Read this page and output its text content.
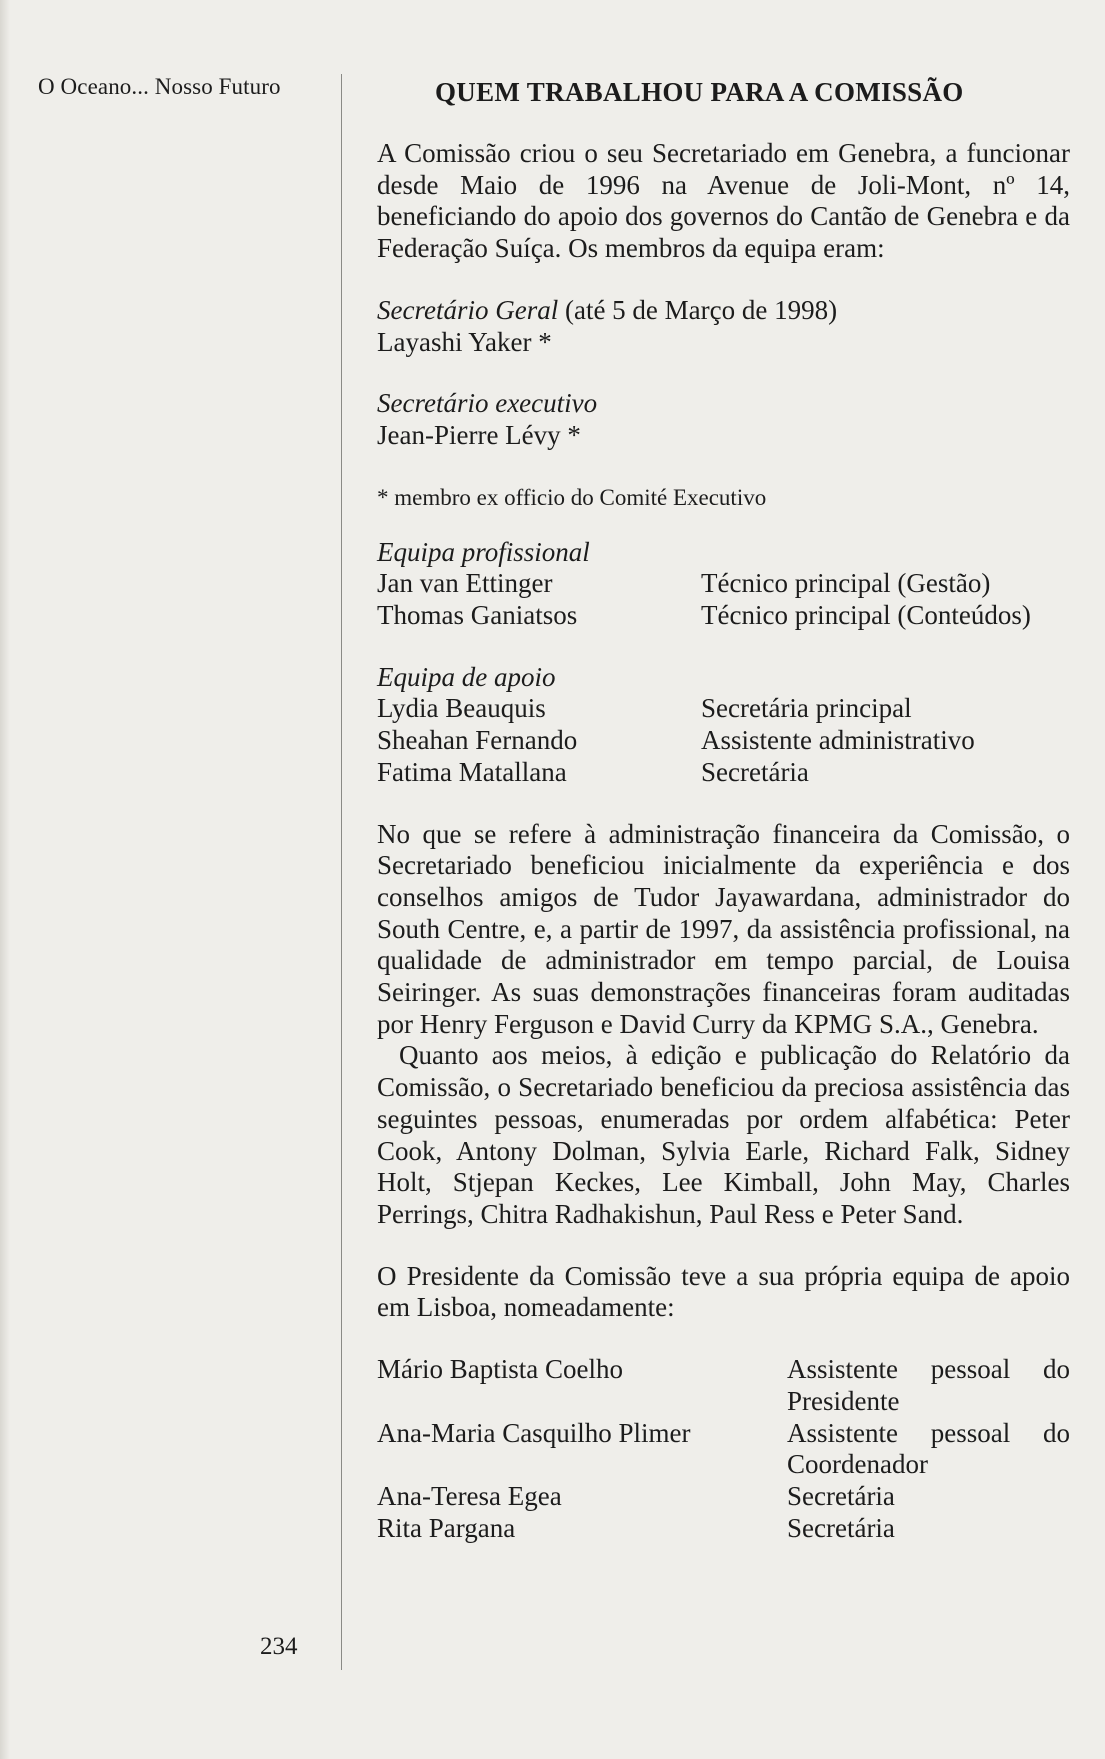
O Oceano... Nosso Futuro
234
QUEM TRABALHOU PARA A COMISSÃO

A Comissão criou o seu Secretariado em Genebra, a funcionar desde Maio de 1996 na Avenue de Joli-Mont, nº 14, beneficiando do apoio dos governos do Cantão de Genebra e da Federação Suíça. Os membros da equipa eram:

Secretário Geral (até 5 de Março de 1998)
Layashi Yaker *
Secretário executivo
Jean-Pierre Lévy *
* membro ex officio do Comité Executivo
Equipa profissional
Jan van Ettinger	Técnico principal (Gestão)
Thomas Ganiatsos	Técnico principal (Conteúdos)
Equipa de apoio
Lydia Beauquis	Secretária principal
Sheahan Fernando	Assistente administrativo
Fatima Matallana	Secretária

No que se refere à administração financeira da Comissão, o Secretariado beneficiou inicialmente da experiência e dos conselhos amigos de Tudor Jayawardana, administrador do South Centre, e, a partir de 1997, da assistência profissional, na qualidade de administrador em tempo parcial, de Louisa Seiringer. As suas demonstrações financeiras foram auditadas por Henry Ferguson e David Curry da KPMG S.A., Genebra.

Quanto aos meios, à edição e publicação do Relatório da Comissão, o Secretariado beneficiou da preciosa assistência das seguintes pessoas, enumeradas por ordem alfabética: Peter Cook, Antony Dolman, Sylvia Earle, Richard Falk, Sidney Holt, Stjepan Keckes, Lee Kimball, John May, Charles Perrings, Chitra Radhakishun, Paul Ress e Peter Sand.

O Presidente da Comissão teve a sua própria equipa de apoio em Lisboa, nomeadamente:

Mário Baptista Coelho	Assistente pessoal do Presidente
Ana-Maria Casquilho Plimer	Assistente pessoal do Coordenador
Ana-Teresa Egea	Secretária
Rita Pargana	Secretária
